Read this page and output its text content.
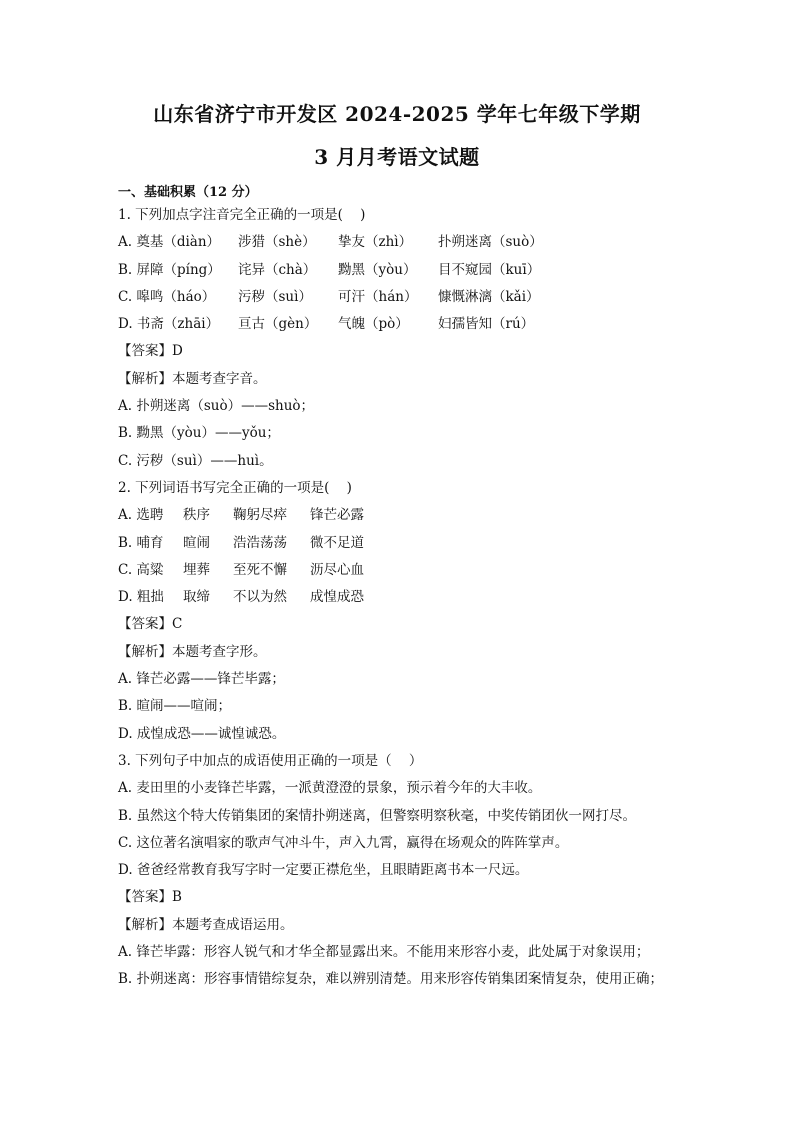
山东省济宁市开发区 2024-2025 学年七年级下学期
3 月月考语文试题
一、基础积累（12 分）
1. 下列加点字注音完全正确的一项是(    )
A. 奠基（diàn） 涉猎（shè） 挚友（zhì） 扑朔迷离（suò）
B. 屏障（píng） 诧异（chà） 黝黑（yòu） 目不窥园（kuī）
C. 嗥鸣（háo） 污秽（suì） 可汗（hán） 慷慨淋漓（kǎi）
D. 书斋（zhāi） 亘古（gèn） 气魄（pò） 妇孺皆知（rú）
【答案】D
【解析】本题考查字音。
A. 扑朔迷离（suò）——shuò；
B. 黝黑（yòu）——yǒu；
C. 污秽（suì）——huì。
2. 下列词语书写完全正确的一项是(    )
A. 选聘 秩序 鞠躬尽瘁 锋芒必露
B. 哺育 暄闹 浩浩荡荡 微不足道
C. 高粱 埋葬 至死不懈 沥尽心血
D. 粗拙 取缔 不以为然 成惶成恐
【答案】C
【解析】本题考查字形。
A. 锋芒必露——锋芒毕露；
B. 暄闹——喧闹；
D. 成惶成恐——诚惶诚恐。
3. 下列句子中加点的成语使用正确的一项是（    ）
A. 麦田里的小麦锋芒毕露，一派黄澄澄的景象，预示着今年的大丰收。
B. 虽然这个特大传销集团的案情扑朔迷离，但警察明察秋毫，中奖传销团伙一网打尽。
C. 这位著名演唱家的歌声气冲斗牛，声入九霄，赢得在场观众的阵阵掌声。
D. 爸爸经常教育我写字时一定要正襟危坐，且眼睛距离书本一尺远。
【答案】B
【解析】本题考查成语运用。
A. 锋芒毕露：形容人锐气和才华全都显露出来。不能用来形容小麦，此处属于对象误用；
B. 扑朔迷离：形容事情错综复杂，难以辨别清楚。用来形容传销集团案情复杂，使用正确；
